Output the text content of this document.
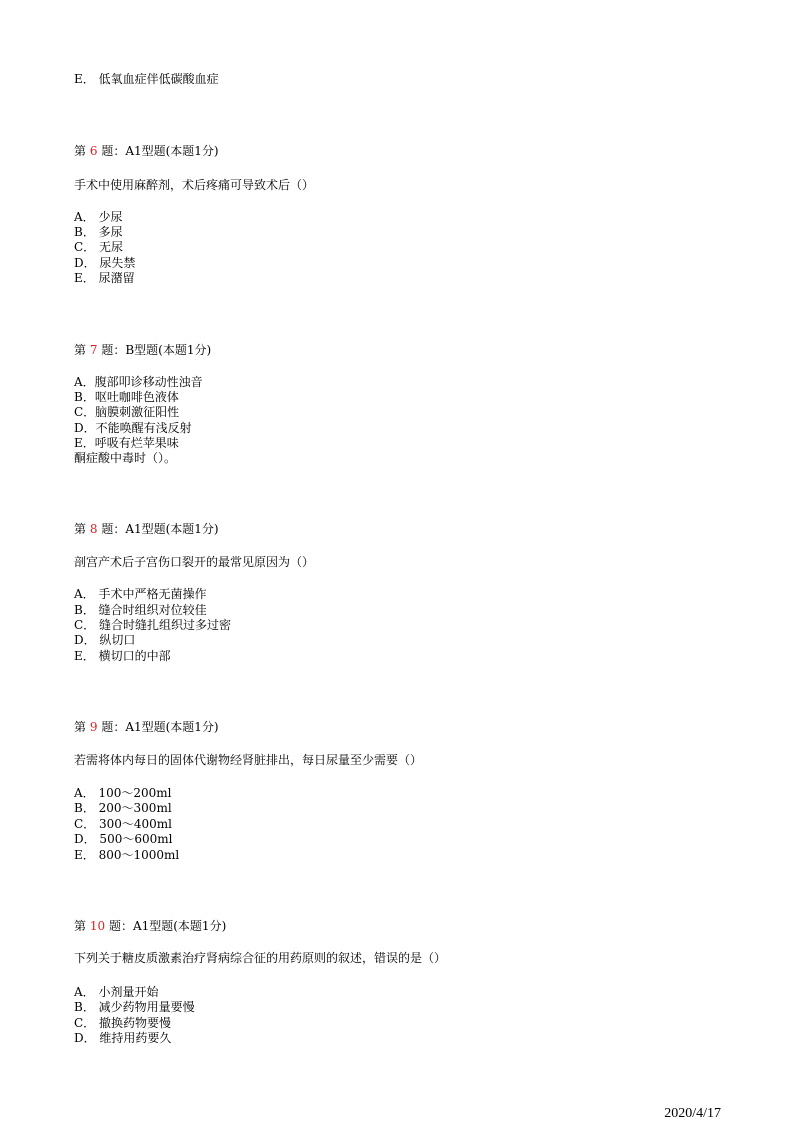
E． 低氧血症伴低碳酸血症
第 6 题：A1型题(本题1分)
手术中使用麻醉剂，术后疼痛可导致术后（）
A． 少尿
B． 多尿
C． 无尿
D． 尿失禁
E． 尿潴留
第 7 题：B型题(本题1分)
A．腹部叩诊移动性浊音
B．呕吐咖啡色液体
C．脑膜刺激征阳性
D．不能唤醒有浅反射
E．呼吸有烂苹果味
酮症酸中毒时（）。
第 8 题：A1型题(本题1分)
剖宫产术后子宫伤口裂开的最常见原因为（）
A． 手术中严格无菌操作
B． 缝合时组织对位较佳
C． 缝合时缝扎组织过多过密
D． 纵切口
E． 横切口的中部
第 9 题：A1型题(本题1分)
若需将体内每日的固体代谢物经肾脏排出，每日尿量至少需要（）
A． 100～200ml
B． 200～300ml
C． 300～400ml
D． 500～600ml
E． 800～1000ml
第 10 题：A1型题(本题1分)
下列关于糖皮质激素治疗肾病综合征的用药原则的叙述，错误的是（）
A． 小剂量开始
B． 减少药物用量要慢
C． 撤换药物要慢
D． 维持用药要久
2020/4/17
